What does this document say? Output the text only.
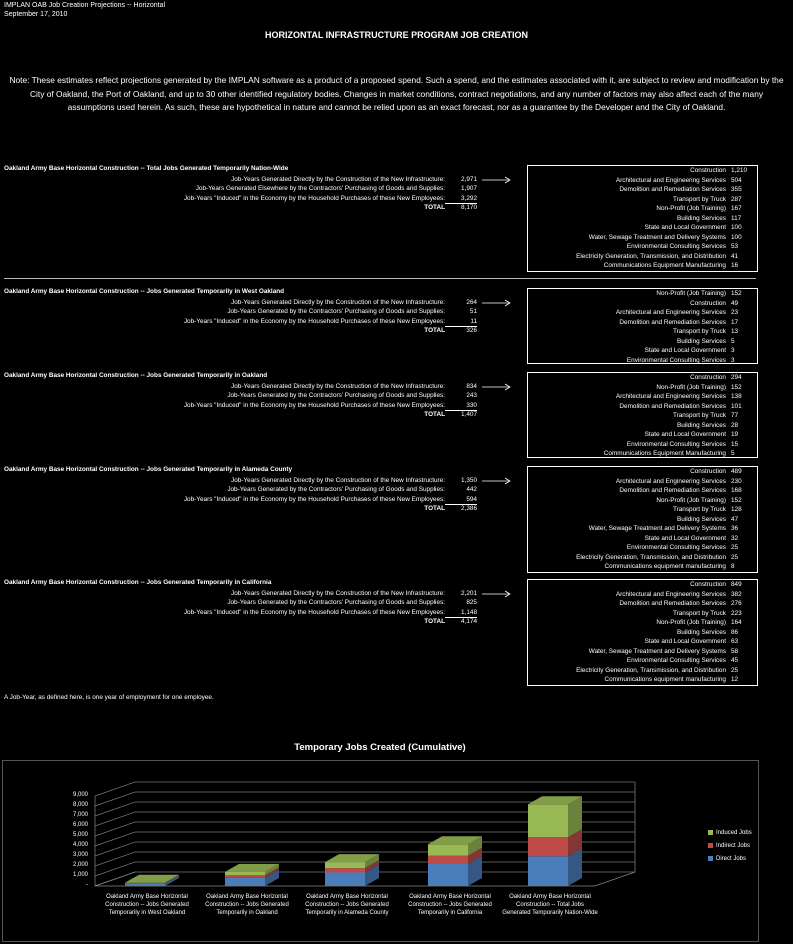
IMPLAN OAB Job Creation Projections -- Horizontal
September 17, 2010
HORIZONTAL INFRASTRUCTURE PROGRAM JOB CREATION
Note: These estimates reflect projections generated by the IMPLAN software as a product of a proposed spend. Such a spend, and the estimates associated with it, are subject to review and modification by the City of Oakland, the Port of Oakland, and up to 30 other identified regulatory bodies. Changes in market conditions, contract negotiations, and any number of factors may also affect each of the many assumptions used herein. As such, these are hypothetical in nature and cannot be relied upon as an exact forecast, nor as a guarantee by the Developer and the City of Oakland.
Oakland Army Base Horizontal Construction -- Total Jobs Generated Temporarily Nation-Wide
Job-Years Generated Directly by the Construction of the New Infrastructure:	2,971
Job-Years Generated Elsewhere by the Contractors' Purchasing of Goods and Supplies:	1,907
Job-Years "Induced" in the Economy by the Household Purchases of these New Employees:	3,292
TOTAL	8,170
Construction 1,210
Architectural and Engineering Services 504
Demolition and Remediation Services 355
Transport by Truck 287
Non-Profit (Job Training) 167
Building Services 117
State and Local Government 100
Water, Sewage Treatment and Delivery Systems 100
Environmental Consulting Services 53
Electricity Generation, Transmission, and Distribution 41
Communications Equipment Manufacturing 16
Oakland Army Base Horizontal Construction -- Jobs Generated Temporarily in West Oakland
Job-Years Generated Directly by the Construction of the New Infrastructure:	264
Job-Years Generated by the Contractors' Purchasing of Goods and Supplies:	51
Job-Years "Induced" in the Economy by the Household Purchases of these New Employees:	11
TOTAL	326
Non-Profit (Job Training) 152
Construction 49
Architectural and Engineering Services 23
Demolition and Remediation Services 17
Transport by Truck 13
Building Services 5
State and Local Government 3
Environmental Consulting Services 3
Oakland Army Base Horizontal Construction -- Jobs Generated Temporarily in Oakland
Job-Years Generated Directly by the Construction of the New Infrastructure:	834
Job-Years Generated by the Contractors' Purchasing of Goods and Supplies:	243
Job-Years "Induced" in the Economy by the Household Purchases of these New Employees:	330
TOTAL	1,407
Construction 294
Non-Profit (Job Training) 152
Architectural and Engineering Services 138
Demolition and Remediation Services 101
Transport by Truck 77
Building Services 28
State and Local Government 19
Environmental Consulting Services 15
Communications Equipment Manufacturing 5
Oakland Army Base Horizontal Construction -- Jobs Generated Temporarily in Alameda County
Job-Years Generated Directly by the Construction of the New Infrastructure:	1,350
Job-Years Generated by the Contractors' Purchasing of Goods and Supplies:	442
Job-Years "Induced" in the Economy by the Household Purchases of these New Employees:	594
TOTAL	2,386
Construction 489
Architectural and Engineering Services 230
Demolition and Remediation Services 168
Non-Profit (Job Training) 152
Transport by Truck 128
Building Services 47
Water, Sewage Treatment and Delivery Systems 36
State and Local Government 32
Environmental Consulting Services 25
Electricity Generation, Transmission, and Distribution 25
Communications equipment manufacturing 8
Oakland Army Base Horizontal Construction -- Jobs Generated Temporarily in California
Job-Years Generated Directly by the Construction of the New Infrastructure:	2,201
Job-Years Generated by the Contractors' Purchasing of Goods and Supplies:	825
Job-Years "Induced" in the Economy by the Household Purchases of these New Employees:	1,148
TOTAL	4,174
Construction 849
Architectural and Engineering Services 382
Demolition and Remediation Services 276
Transport by Truck 223
Non-Profit (Job Training) 164
Building Services 86
State and Local Government 63
Water, Sewage Treatment and Delivery Systems 58
Environmental Consulting Services 45
Electricity Generation, Transmission, and Distribution 25
Communications equipment manufacturing 12
A Job-Year, as defined here, is one year of employment for one employee.
Temporary Jobs Created (Cumulative)
Oakland Army Base Horizontal Construction -- Jobs Generated Temporarily in West Oakland
Oakland Army Base Horizontal Construction -- Jobs Generated Temporarily in Oakland
Oakland Army Base Horizontal Construction -- Jobs Generated Temporarily in Alameda County
Oakland Army Base Horizontal Construction -- Jobs Generated Temporarily in California
Oakland Army Base Horizontal Construction -- Total Jobs Generated Temporarily Nation-Wide
-
1,000
2,000
3,000
4,000
5,000
6,000
7,000
8,000
9,000
Induced Jobs
Indirect Jobs
Direct Jobs
